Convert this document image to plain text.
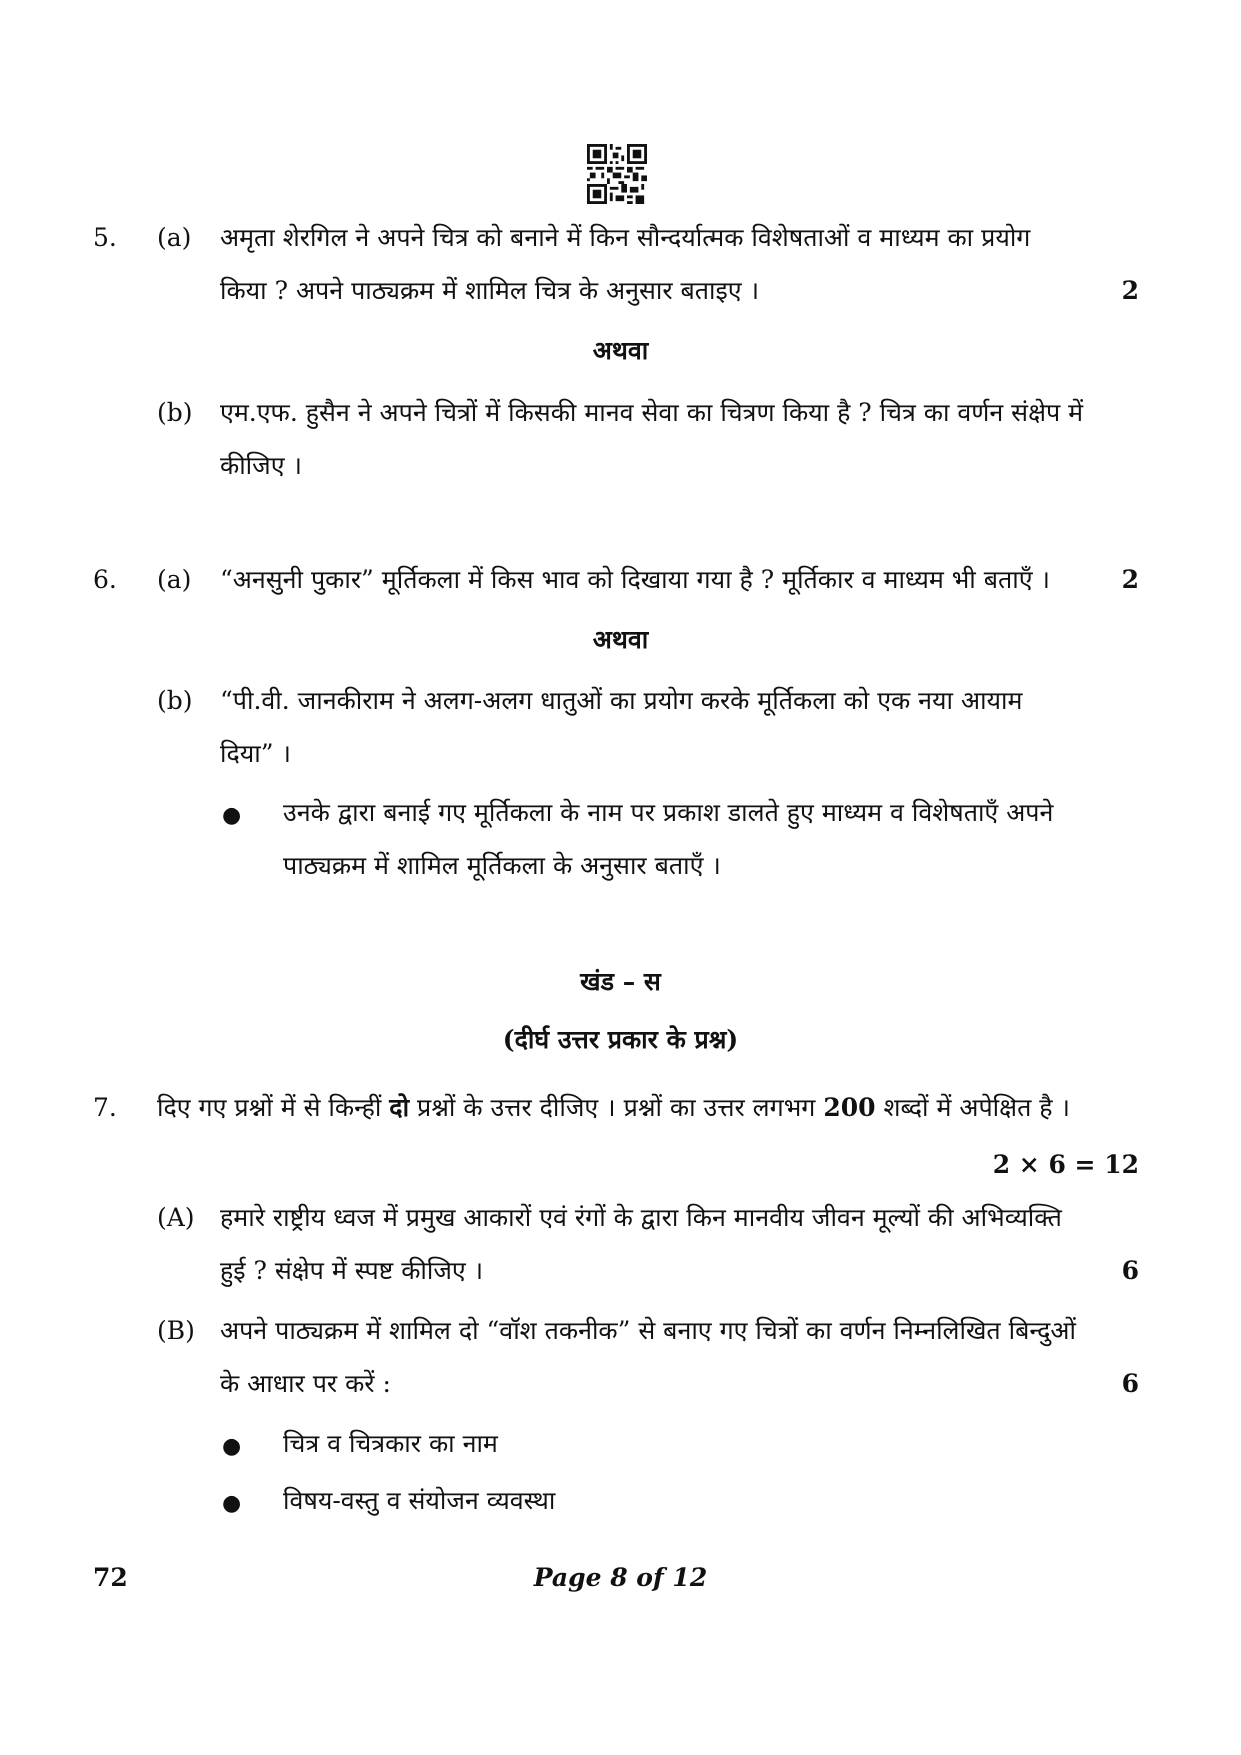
5. (a) अमृता शेरगिल ने अपने चित्र को बनाने में किन सौन्दर्यात्मक विशेषताओं व माध्यम का प्रयोग
किया ? अपने पाठ्यक्रम में शामिल चित्र के अनुसार बताइए ।	2
अथवा
(b) एम.एफ. हुसैन ने अपने चित्रों में किसकी मानव सेवा का चित्रण किया है ? चित्र का वर्णन संक्षेप में
कीजिए ।
6. (a) “अनसुनी पुकार” मूर्तिकला में किस भाव को दिखाया गया है ? मूर्तिकार व माध्यम भी बताएँ ।	2
अथवा
(b) “पी.वी. जानकीराम ने अलग-अलग धातुओं का प्रयोग करके मूर्तिकला को एक नया आयाम
दिया” ।
● उनके द्वारा बनाई गए मूर्तिकला के नाम पर प्रकाश डालते हुए माध्यम व विशेषताएँ अपने
पाठ्यक्रम में शामिल मूर्तिकला के अनुसार बताएँ ।
खंड – स
(दीर्घ उत्तर प्रकार के प्रश्न)
7. दिए गए प्रश्नों में से किन्हीं दो प्रश्नों के उत्तर दीजिए । प्रश्नों का उत्तर लगभग 200 शब्दों में अपेक्षित है ।
2 × 6 = 12
(A) हमारे राष्ट्रीय ध्वज में प्रमुख आकारों एवं रंगों के द्वारा किन मानवीय जीवन मूल्यों की अभिव्यक्ति
हुई ? संक्षेप में स्पष्ट कीजिए ।	6
(B) अपने पाठ्यक्रम में शामिल दो “वॉश तकनीक” से बनाए गए चित्रों का वर्णन निम्नलिखित बिन्दुओं
के आधार पर करें :	6
● चित्र व चित्रकार का नाम
● विषय-वस्तु व संयोजन व्यवस्था
72	Page 8 of 12
